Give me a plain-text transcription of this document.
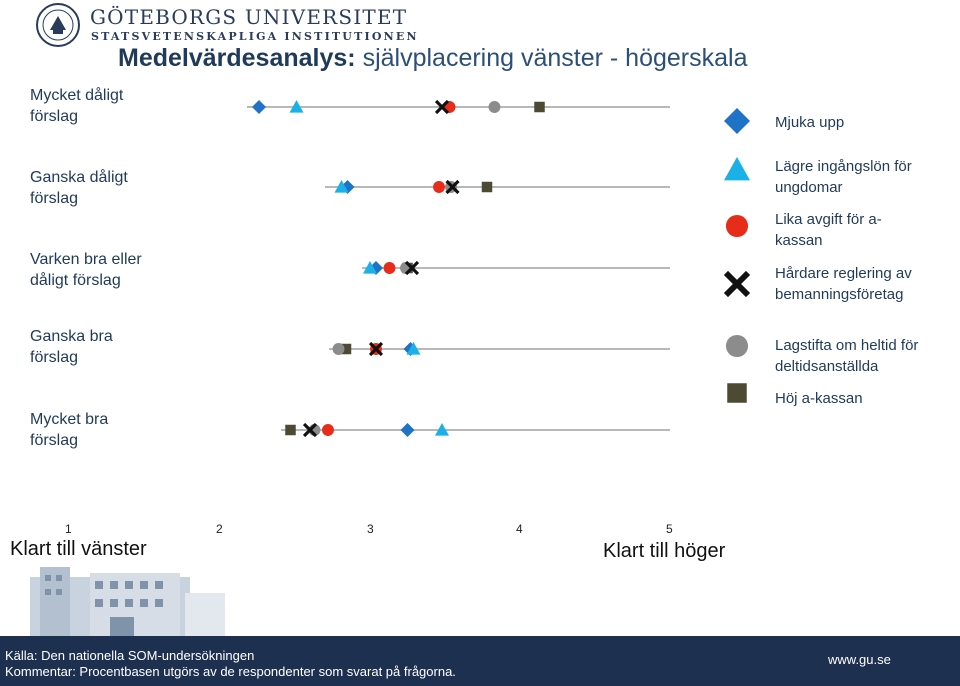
GÖTEBORGS UNIVERSITET
STATSVETENSKAPLIGA INSTITUTIONEN
Medelvärdesanalys: självplacering vänster - högerskala
Mycket dåligt förslag
Ganska dåligt förslag
Varken bra eller dåligt förslag
Ganska bra förslag
Mycket bra förslag
1	2	3	4	5
Klart till vänster	Klart till höger
Mjuka upp
Lägre ingångslön för ungdomar
Lika avgift för a-kassan
Hårdare reglering av bemanningsföretag
Lagstifta om heltid för deltidsanställda
Höj a-kassan
Källa: Den nationella SOM-undersökningen
Kommentar: Procentbasen utgörs av de respondenter som svarat på frågorna.
www.gu.se
